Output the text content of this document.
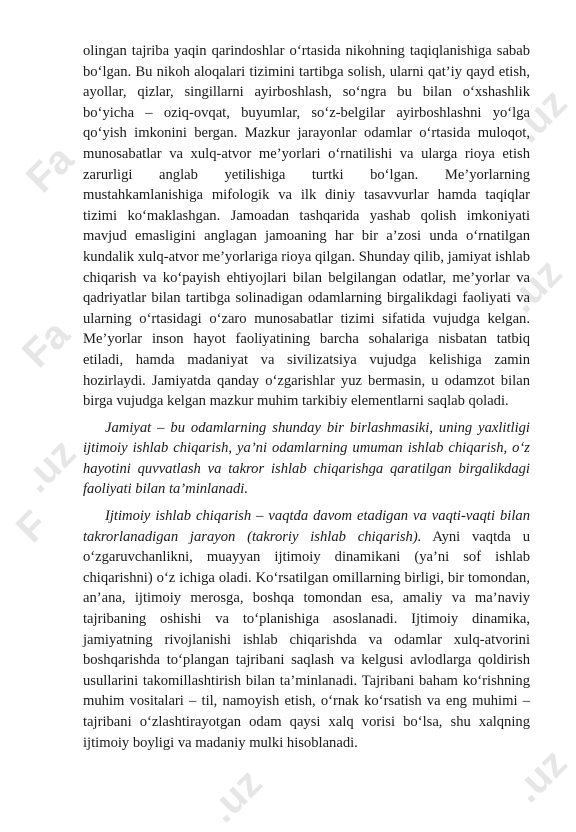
Fa
.uz
Fa
.uz
F
.uz
.uz	.uz

olingan tajriba yaqin qarindoshlar o‘rtasida nikohning taqiqlanishiga sabab bo‘lgan. Bu nikoh aloqalari tizimini tartibga solish, ularni qat’iy qayd etish, ayollar, qizlar, singillarni ayirboshlash, so‘ngra bu bilan o‘xshashlik bo‘yicha – oziq-ovqat, buyumlar, so‘z-belgilar ayirboshlashni yo‘lga qo‘yish imkonini bergan. Mazkur jarayonlar odamlar o‘rtasida muloqot, munosabatlar va xulq-atvor me’yorlari o‘rnatilishi va ularga rioya etish zarurligi anglab yetilishiga turtki bo‘lgan. Me’yorlarning mustahkamlanishiga mifologik va ilk diniy tasavvurlar hamda taqiqlar tizimi ko‘maklashgan. Jamoadan tashqarida yashab qolish imkoniyati mavjud emasligini anglagan jamoaning har bir a’zosi unda o‘rnatilgan kundalik xulq-atvor me’yorlariga rioya qilgan. Shunday qilib, jamiyat ishlab chiqarish va ko‘payish ehtiyojlari bilan belgilangan odatlar, me’yorlar va qadriyatlar bilan tartibga solinadigan odamlarning birgalikdagi faoliyati va ularning o‘rtasidagi o‘zaro munosabatlar tizimi sifatida vujudga kelgan. Me’yorlar inson hayot faoliyatining barcha sohalariga nisbatan tatbiq etiladi, hamda madaniyat va sivilizatsiya vujudga kelishiga zamin hozirlaydi. Jamiyatda qanday o‘zgarishlar yuz bermasin, u odamzot bilan birga vujudga kelgan mazkur muhim tarkibiy elementlarni saqlab qoladi.

Jamiyat – bu odamlarning shunday bir birlashmasiki, uning yaxlitligi ijtimoiy ishlab chiqarish, ya’ni odamlarning umuman ishlab chiqarish, o‘z hayotini quvvatlash va takror ishlab chiqarishga qaratilgan birgalikdagi faoliyati bilan ta’minlanadi.

Ijtimoiy ishlab chiqarish – vaqtda davom etadigan va vaqti-vaqti bilan takrorlanadigan jarayon (takroriy ishlab chiqarish). Ayni vaqtda u o‘zgaruvchanlikni, muayyan ijtimoiy dinamikani (ya’ni sof ishlab chiqarishni) o‘z ichiga oladi. Ko‘rsatilgan omillarning birligi, bir tomondan, an’ana, ijtimoiy merosga, boshqa tomondan esa, amaliy va ma’naviy tajribaning oshishi va to‘planishiga asoslanadi. Ijtimoiy dinamika, jamiyatning rivojlanishi ishlab chiqarishda va odamlar xulq-atvorini boshqarishda to‘plangan tajribani saqlash va kelgusi avlodlarga qoldirish usullarini takomillashtirish bilan ta’minlanadi. Tajribani baham ko‘rishning muhim vositalari – til, namoyish etish, o‘rnak ko‘rsatish va eng muhimi – tajribani o‘zlashtirayotgan odam qaysi xalq vorisi bo‘lsa, shu xalqning ijtimoiy boyligi va madaniy mulki hisoblanadi.
